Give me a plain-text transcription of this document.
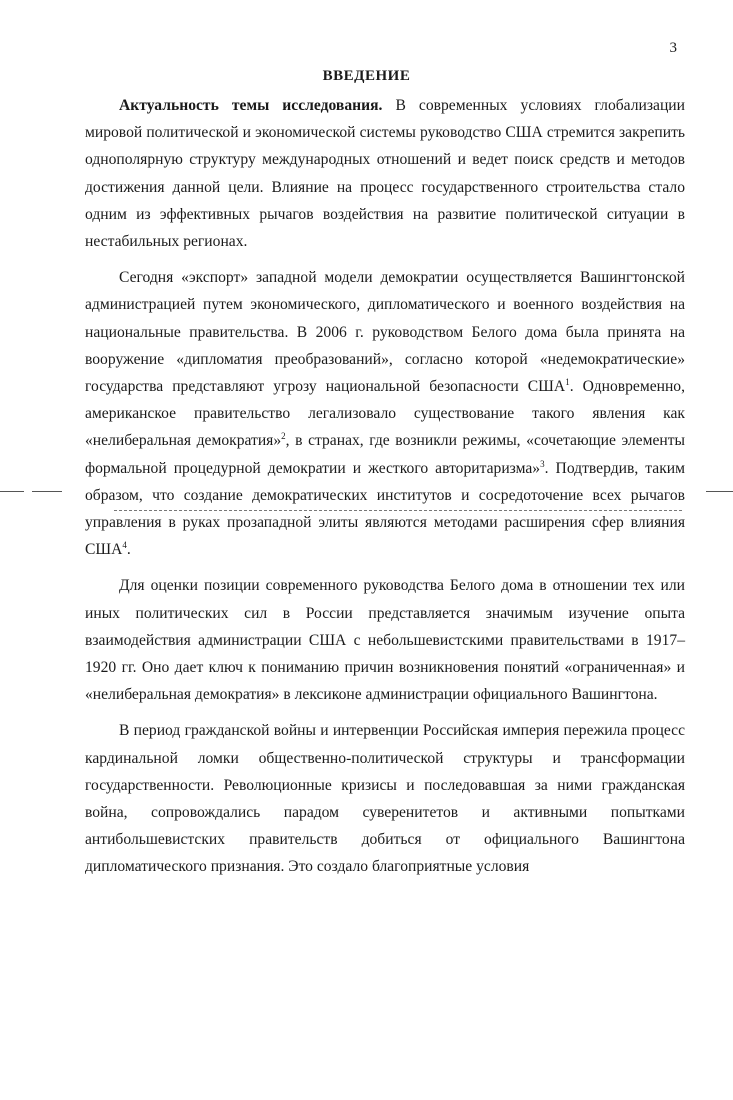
3
ВВЕДЕНИЕ

Актуальность темы исследования. В современных условиях глобализации мировой политической и экономической системы руководство США стремится закрепить однополярную структуру международных отношений и ведет поиск средств и методов достижения данной цели. Влияние на процесс государственного строительства стало одним из эффективных рычагов воздействия на развитие политической ситуации в нестабильных регионах.

Сегодня «экспорт» западной модели демократии осуществляется Вашингтонской администрацией путем экономического, дипломатического и военного воздействия на национальные правительства. В 2006 г. руководством Белого дома была принята на вооружение «дипломатия преобразований», согласно которой «недемократические» государства представляют угрозу национальной безопасности США$^1$. Одновременно, американское правительство легализовало существование такого явления как «нелиберальная демократия»$^2$, в странах, где возникли режимы, «сочетающие элементы формальной процедурной демократии и жесткого авторитаризма»$^3$. Подтвердив, таким образом, что создание демократических институтов и сосредоточение всех рычагов управления в руках прозападной элиты являются методами расширения сфер влияния США$^4$.

Для оценки позиции современного руководства Белого дома в отношении тех или иных политических сил в России представляется значимым изучение опыта взаимодействия администрации США с небольшевистскими правительствами в 1917–1920 гг. Оно дает ключ к пониманию причин возникновения понятий «ограниченная» и «нелиберальная демократия» в лексиконе администрации официального Вашингтона.

В период гражданской войны и интервенции Российская империя пережила процесс кардинальной ломки общественно-политической структуры и трансформации государственности. Революционные кризисы и последовавшая за ними гражданская война, сопровождались парадом суверенитетов и активными попытками антибольшевистских правительств добиться от официального Вашингтона дипломатического признания. Это создало благоприятные условия
